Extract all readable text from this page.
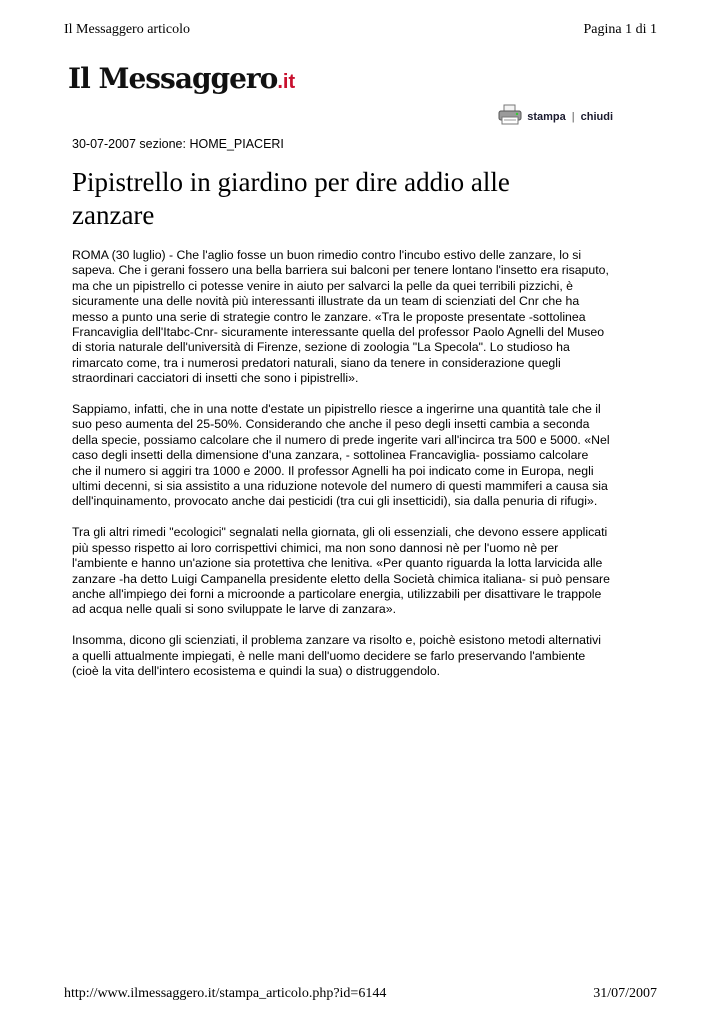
Il Messaggero articolo	Pagina 1 di 1
Il Messaggero .it
stampa | chiudi
30-07-2007 sezione: HOME_PIACERI
Pipistrello in giardino per dire addio alle zanzare

ROMA (30 luglio) - Che l'aglio fosse un buon rimedio contro l'incubo estivo delle zanzare, lo si sapeva. Che i gerani fossero una bella barriera sui balconi per tenere lontano l'insetto era risaputo, ma che un pipistrello ci potesse venire in aiuto per salvarci la pelle da quei terribili pizzichi, è sicuramente una delle novità più interessanti illustrate da un team di scienziati del Cnr che ha messo a punto una serie di strategie contro le zanzare. «Tra le proposte presentate -sottolinea Francaviglia dell'Itabc-Cnr- sicuramente interessante quella del professor Paolo Agnelli del Museo di storia naturale dell'università di Firenze, sezione di zoologia "La Specola". Lo studioso ha rimarcato come, tra i numerosi predatori naturali, siano da tenere in considerazione quegli straordinari cacciatori di insetti che sono i pipistrelli».

Sappiamo, infatti, che in una notte d'estate un pipistrello riesce a ingerirne una quantità tale che il suo peso aumenta del 25-50%. Considerando che anche il peso degli insetti cambia a seconda della specie, possiamo calcolare che il numero di prede ingerite vari all'incirca tra 500 e 5000. «Nel caso degli insetti della dimensione d'una zanzara, - sottolinea Francaviglia- possiamo calcolare che il numero si aggiri tra 1000 e 2000. Il professor Agnelli ha poi indicato come in Europa, negli ultimi decenni, si sia assistito a una riduzione notevole del numero di questi mammiferi a causa sia dell'inquinamento, provocato anche dai pesticidi (tra cui gli insetticidi), sia dalla penuria di rifugi».

Tra gli altri rimedi "ecologici" segnalati nella giornata, gli oli essenziali, che devono essere applicati più spesso rispetto ai loro corrispettivi chimici, ma non sono dannosi nè per l'uomo nè per l'ambiente e hanno un'azione sia protettiva che lenitiva. «Per quanto riguarda la lotta larvicida alle zanzare -ha detto Luigi Campanella presidente eletto della Società chimica italiana- si può pensare anche all'impiego dei forni a microonde a particolare energia, utilizzabili per disattivare le trappole ad acqua nelle quali si sono sviluppate le larve di zanzara».

Insomma, dicono gli scienziati, il problema zanzare va risolto e, poichè esistono metodi alternativi a quelli attualmente impiegati, è nelle mani dell'uomo decidere se farlo preservando l'ambiente (cioè la vita dell'intero ecosistema e quindi la sua) o distruggendolo.

http://www.ilmessaggero.it/stampa_articolo.php?id=6144	31/07/2007
